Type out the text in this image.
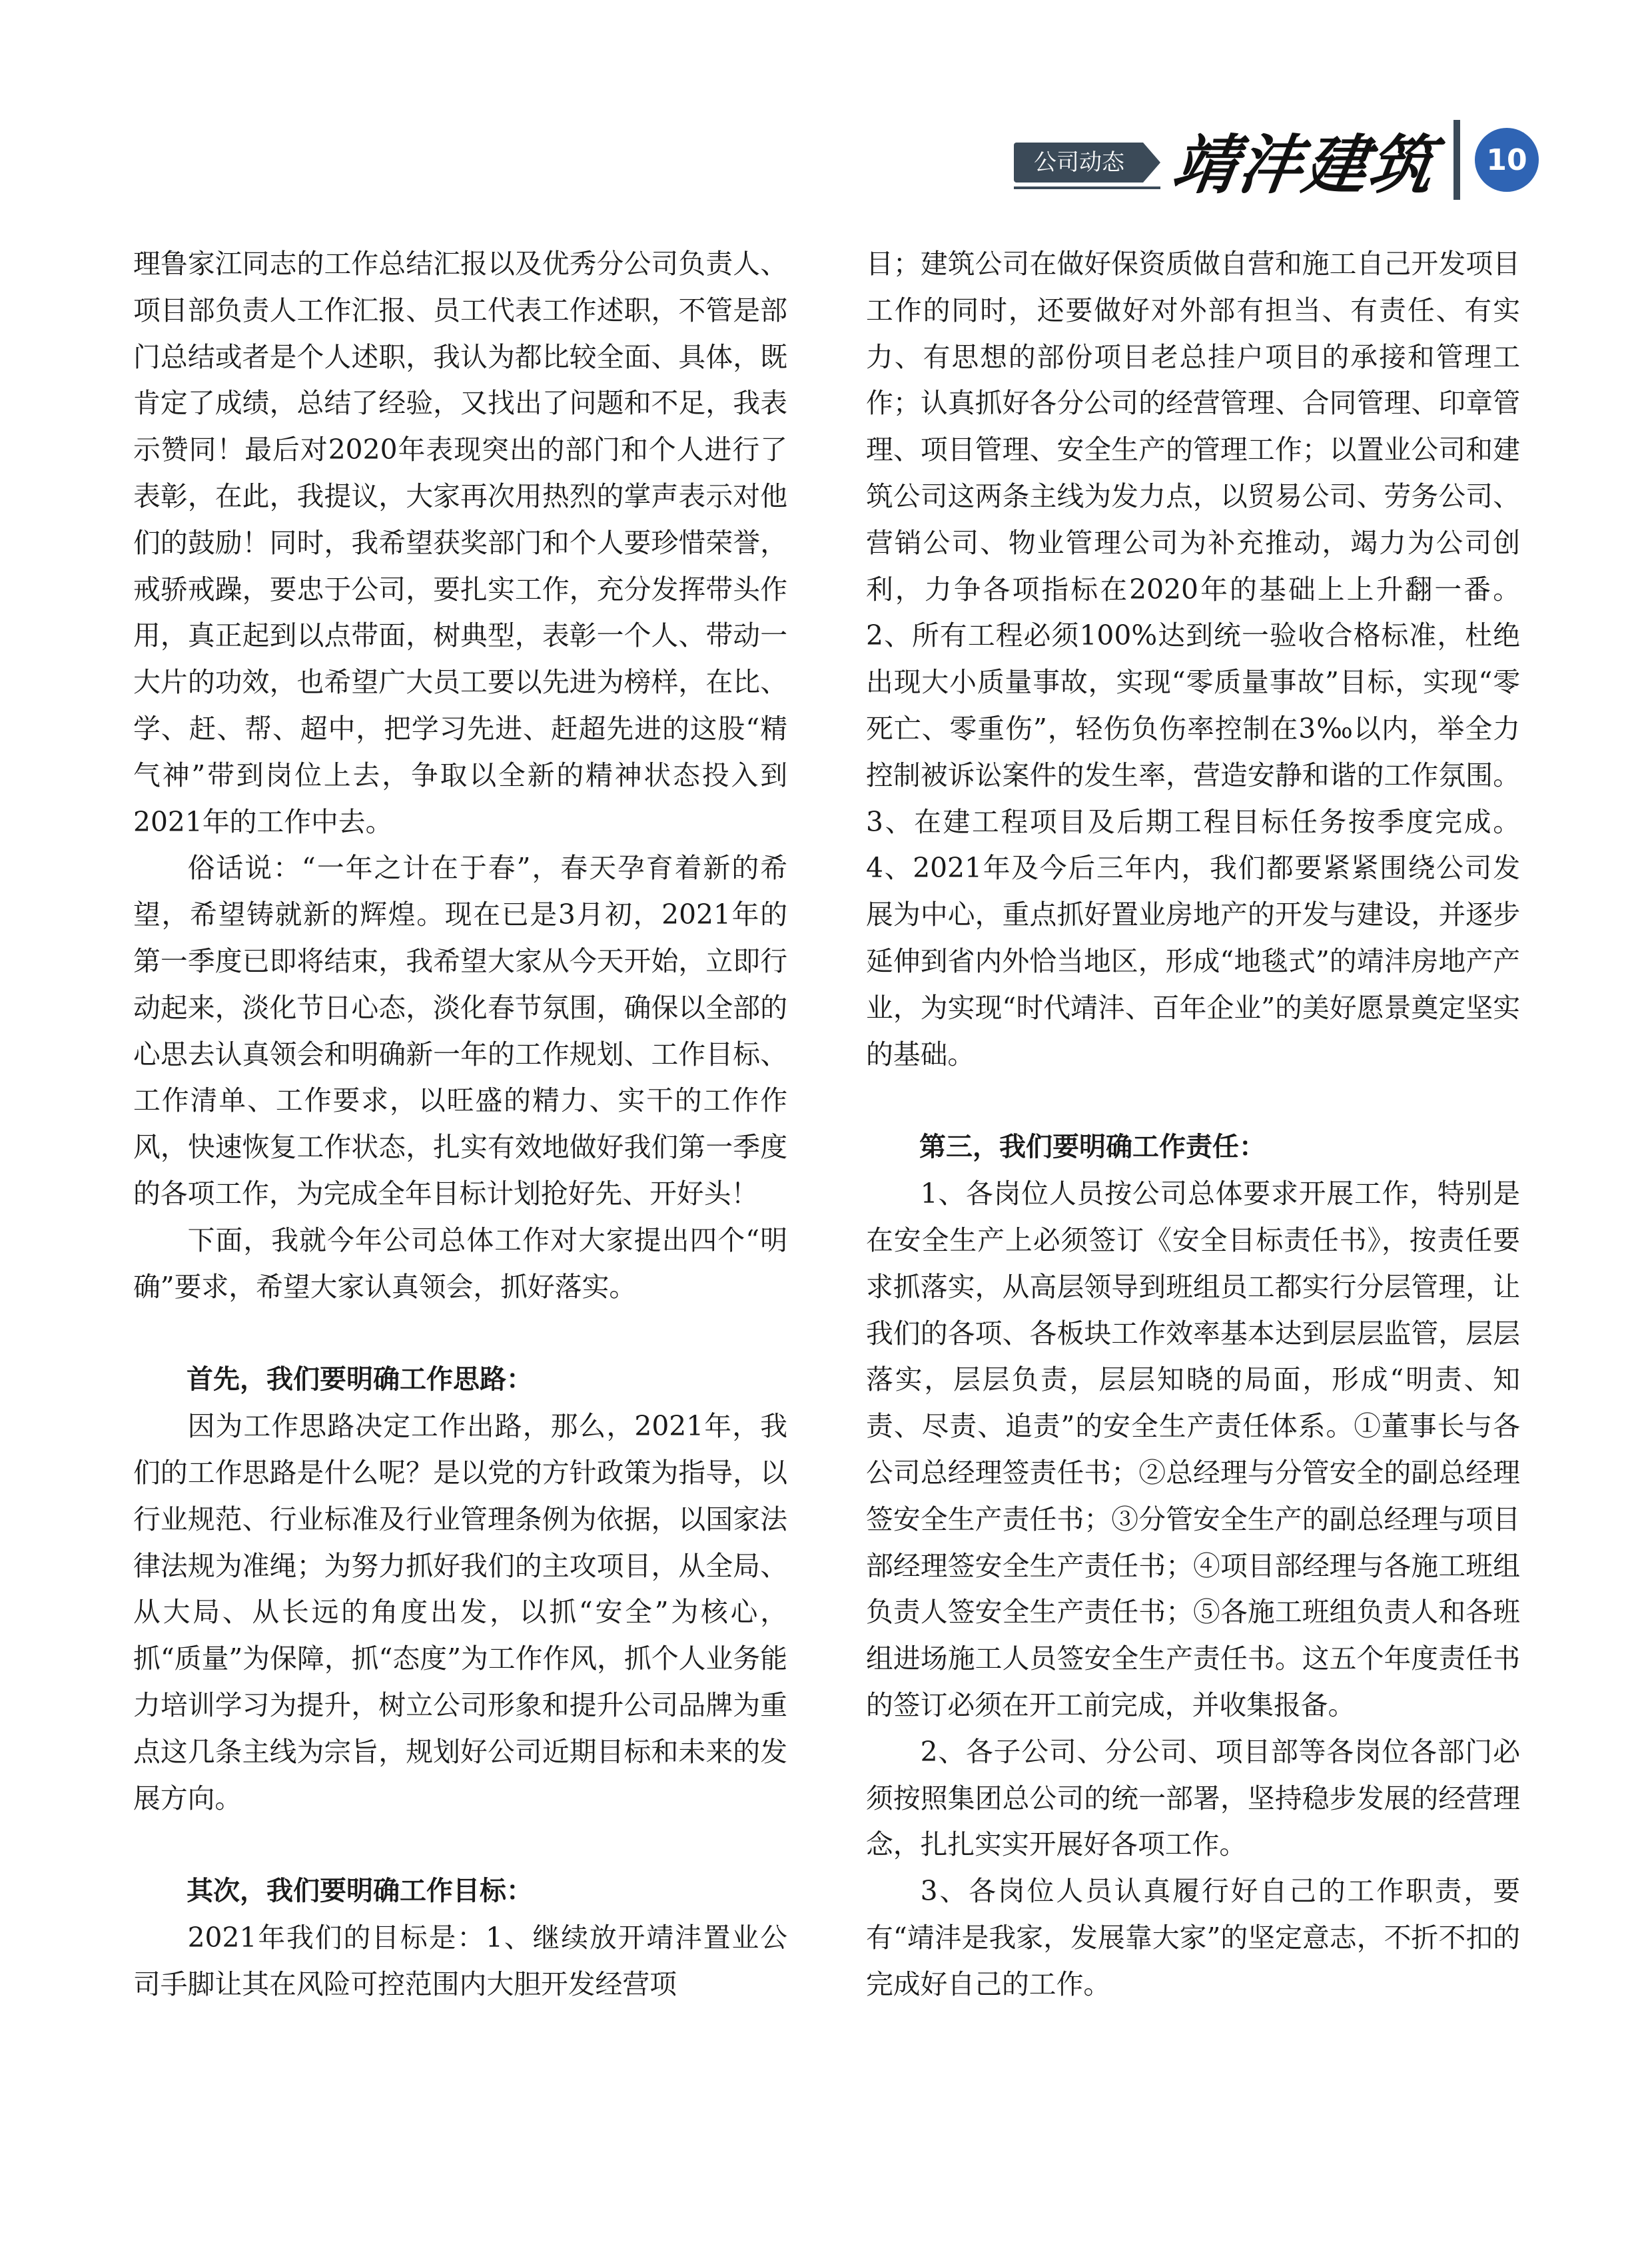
公司动态 靖沣建筑	10

理鲁家江同志的工作总结汇报以及优秀分公司负责人、项目部负责人工作汇报、员工代表工作述职，不管是部门总结或者是个人述职，我认为都比较全面、具体，既肯定了成绩，总结了经验，又找出了问题和不足，我表示赞同！最后对2020年表现突出的部门和个人进行了表彰，在此，我提议，大家再次用热烈的掌声表示对他们的鼓励！同时，我希望获奖部门和个人要珍惜荣誉，戒骄戒躁，要忠于公司，要扎实工作，充分发挥带头作用，真正起到以点带面，树典型，表彰一个人、带动一大片的功效，也希望广大员工要以先进为榜样，在比、学、赶、帮、超中，把学习先进、赶超先进的这股“精气神”带到岗位上去，争取以全新的精神状态投入到2021年的工作中去。

俗话说：“一年之计在于春”，春天孕育着新的希望，希望铸就新的辉煌。现在已是3月初，2021年的第一季度已即将结束，我希望大家从今天开始，立即行动起来，淡化节日心态，淡化春节氛围，确保以全部的心思去认真领会和明确新一年的工作规划、工作目标、工作清单、工作要求，以旺盛的精力、实干的工作作风，快速恢复工作状态，扎实有效地做好我们第一季度的各项工作，为完成全年目标计划抢好先、开好头！

下面，我就今年公司总体工作对大家提出四个“明确”要求，希望大家认真领会，抓好落实。

首先，我们要明确工作思路：

因为工作思路决定工作出路，那么，2021年，我们的工作思路是什么呢？是以党的方针政策为指导，以行业规范、行业标准及行业管理条例为依据，以国家法律法规为准绳；为努力抓好我们的主攻项目，从全局、从大局、从长远的角度出发，以抓“安全”为核心，抓“质量”为保障，抓“态度”为工作作风，抓个人业务能力培训学习为提升，树立公司形象和提升公司品牌为重点这几条主线为宗旨，规划好公司近期目标和未来的发展方向。

其次，我们要明确工作目标：

2021年我们的目标是：1、继续放开靖沣置业公司手脚让其在风险可控范围内大胆开发经营项

目；建筑公司在做好保资质做自营和施工自己开发项目工作的同时，还要做好对外部有担当、有责任、有实力、有思想的部份项目老总挂户项目的承接和管理工作；认真抓好各分公司的经营管理、合同管理、印章管理、项目管理、安全生产的管理工作；以置业公司和建筑公司这两条主线为发力点，以贸易公司、劳务公司、营销公司、物业管理公司为补充推动，竭力为公司创利，力争各项指标在2020年的基础上上升翻一番。2、所有工程必须100%达到统一验收合格标准，杜绝出现大小质量事故，实现“零质量事故”目标，实现“零死亡、零重伤”，轻伤负伤率控制在3‰以内，举全力控制被诉讼案件的发生率，营造安静和谐的工作氛围。3、在建工程项目及后期工程目标任务按季度完成。4、2021年及今后三年内，我们都要紧紧围绕公司发展为中心，重点抓好置业房地产的开发与建设，并逐步延伸到省内外恰当地区，形成“地毯式”的靖沣房地产产业，为实现“时代靖沣、百年企业”的美好愿景奠定坚实的基础。

第三，我们要明确工作责任：

1、各岗位人员按公司总体要求开展工作，特别是在安全生产上必须签订《安全目标责任书》，按责任要求抓落实，从高层领导到班组员工都实行分层管理，让我们的各项、各板块工作效率基本达到层层监管，层层落实，层层负责，层层知晓的局面，形成“明责、知责、尽责、追责”的安全生产责任体系。①董事长与各公司总经理签责任书；②总经理与分管安全的副总经理签安全生产责任书；③分管安全生产的副总经理与项目部经理签安全生产责任书；④项目部经理与各施工班组负责人签安全生产责任书；⑤各施工班组负责人和各班组进场施工人员签安全生产责任书。这五个年度责任书的签订必须在开工前完成，并收集报备。

2、各子公司、分公司、项目部等各岗位各部门必须按照集团总公司的统一部署，坚持稳步发展的经营理念，扎扎实实开展好各项工作。

3、各岗位人员认真履行好自己的工作职责，要有“靖沣是我家，发展靠大家”的坚定意志，不折不扣的完成好自己的工作。
